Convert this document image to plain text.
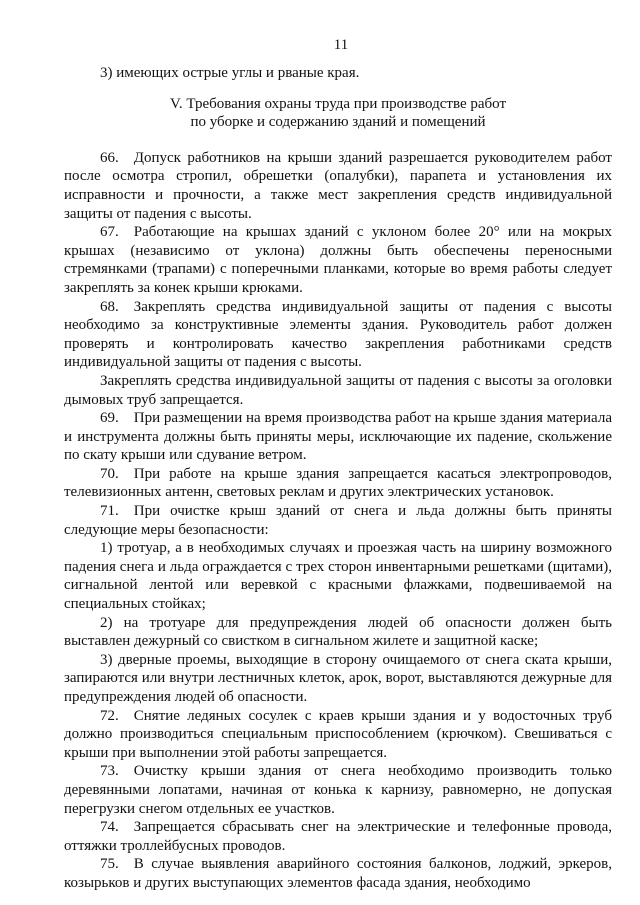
11

3) имеющих острые углы и рваные края.

V. Требования охраны труда при производстве работ
по уборке и содержанию зданий и помещений

66. Допуск работников на крыши зданий разрешается руководителем работ после осмотра стропил, обрешетки (опалубки), парапета и установления их исправности и прочности, а также мест закрепления средств индивидуальной защиты от падения с высоты.

67. Работающие на крышах зданий с уклоном более 20° или на мокрых крышах (независимо от уклона) должны быть обеспечены переносными стремянками (трапами) с поперечными планками, которые во время работы следует закреплять за конек крыши крюками.

68. Закреплять средства индивидуальной защиты от падения с высоты необходимо за конструктивные элементы здания. Руководитель работ должен проверять и контролировать качество закрепления работниками средств индивидуальной защиты от падения с высоты.

Закреплять средства индивидуальной защиты от падения с высоты за оголовки дымовых труб запрещается.

69. При размещении на время производства работ на крыше здания материала и инструмента должны быть приняты меры, исключающие их падение, скольжение по скату крыши или сдувание ветром.

70. При работе на крыше здания запрещается касаться электропроводов, телевизионных антенн, световых реклам и других электрических установок.

71. При очистке крыш зданий от снега и льда должны быть приняты следующие меры безопасности:

1) тротуар, а в необходимых случаях и проезжая часть на ширину возможного падения снега и льда ограждается с трех сторон инвентарными решетками (щитами), сигнальной лентой или веревкой с красными флажками, подвешиваемой на специальных стойках;

2) на тротуаре для предупреждения людей об опасности должен быть выставлен дежурный со свистком в сигнальном жилете и защитной каске;

3) дверные проемы, выходящие в сторону очищаемого от снега ската крыши, запираются или внутри лестничных клеток, арок, ворот, выставляются дежурные для предупреждения людей об опасности.

72. Снятие ледяных сосулек с краев крыши здания и у водосточных труб должно производиться специальным приспособлением (крючком). Свешиваться с крыши при выполнении этой работы запрещается.

73. Очистку крыши здания от снега необходимо производить только деревянными лопатами, начиная от конька к карнизу, равномерно, не допуская перегрузки снегом отдельных ее участков.

74. Запрещается сбрасывать снег на электрические и телефонные провода, оттяжки троллейбусных проводов.

75. В случае выявления аварийного состояния балконов, лоджий, эркеров, козырьков и других выступающих элементов фасада здания, необходимо
